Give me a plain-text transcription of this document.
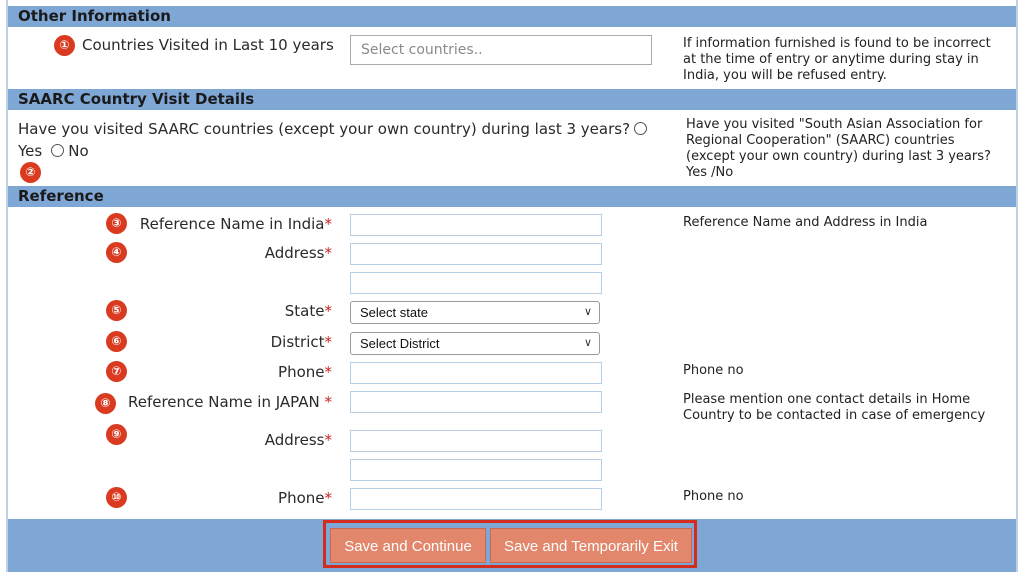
Other Information
① Countries Visited in Last 10 years	Select countries..	If information furnished is found to be incorrect at the time of entry or anytime during stay in India, you will be refused entry.
SAARC Country Visit Details
Have you visited SAARC countries (except your own country) during last 3 years?
Yes No
②
Have you visited "South Asian Association for Regional Cooperation" (SAARC) countries (except your own country) during last 3 years? Yes /No
Reference
③	Reference Name in India*	Reference Name and Address in India
④	Address*
⑤	State*	Select state	∨
⑥	District*	Select District	∨
⑦	Phone*	Phone no
⑧	Reference Name in JAPAN *	Please mention one contact details in Home Country to be contacted in case of emergency
⑨	Address*
⑩	Phone*	Phone no
Save and Continue	Save and Temporarily Exit
